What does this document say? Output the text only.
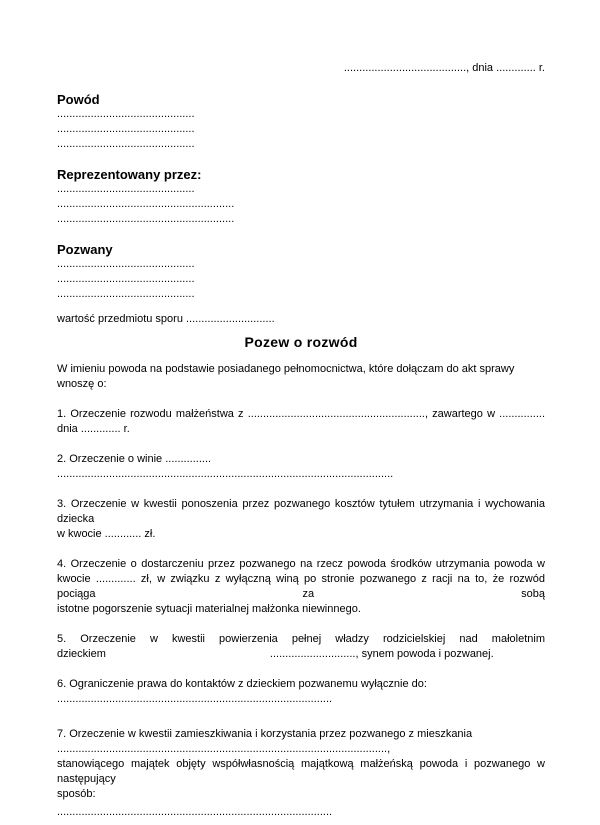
........................................, dnia ............. r.
Powód
.............................................
.............................................
.............................................
Reprezentowany przez:
.............................................
..........................................................
..........................................................
Pozwany
.............................................
.............................................
.............................................
wartość przedmiotu sporu .............................
Pozew o rozwód

W imieniu powoda na podstawie posiadanego pełnomocnictwa, które dołączam do akt sprawy wnoszę o:

1. Orzeczenie rozwodu małżeństwa z .........................................................., zawartego w ...............
dnia ............. r.
2. Orzeczenie o winie ...............
..............................................................................................................
3. Orzeczenie w kwestii ponoszenia przez pozwanego kosztów tytułem utrzymania i wychowania dziecka
w kwocie ............ zł.
4. Orzeczenie o dostarczeniu przez pozwanego na rzecz powoda środków utrzymania powoda w
kwocie ............. zł, w związku z wyłączną winą po stronie pozwanego z racji na to, że rozwód pociąga za sobą
istotne pogorszenie sytuacji materialnej małżonka niewinnego.
5. Orzeczenie w kwestii powierzenia pełnej władzy rodzicielskiej nad małoletnim
dzieckiem	............................, synem powoda i pozwanej.
6. Ograniczenie prawa do kontaktów z dzieckiem pozwanemu wyłącznie do:
..........................................................................................
7. Orzeczenie w kwestii zamieszkiwania i korzystania przez pozwanego z mieszkania
............................................................................................................,
stanowiącego majątek objęty współwłasnością majątkową małżeńską powoda i pozwanego w następujący
sposób:
..........................................................................................
